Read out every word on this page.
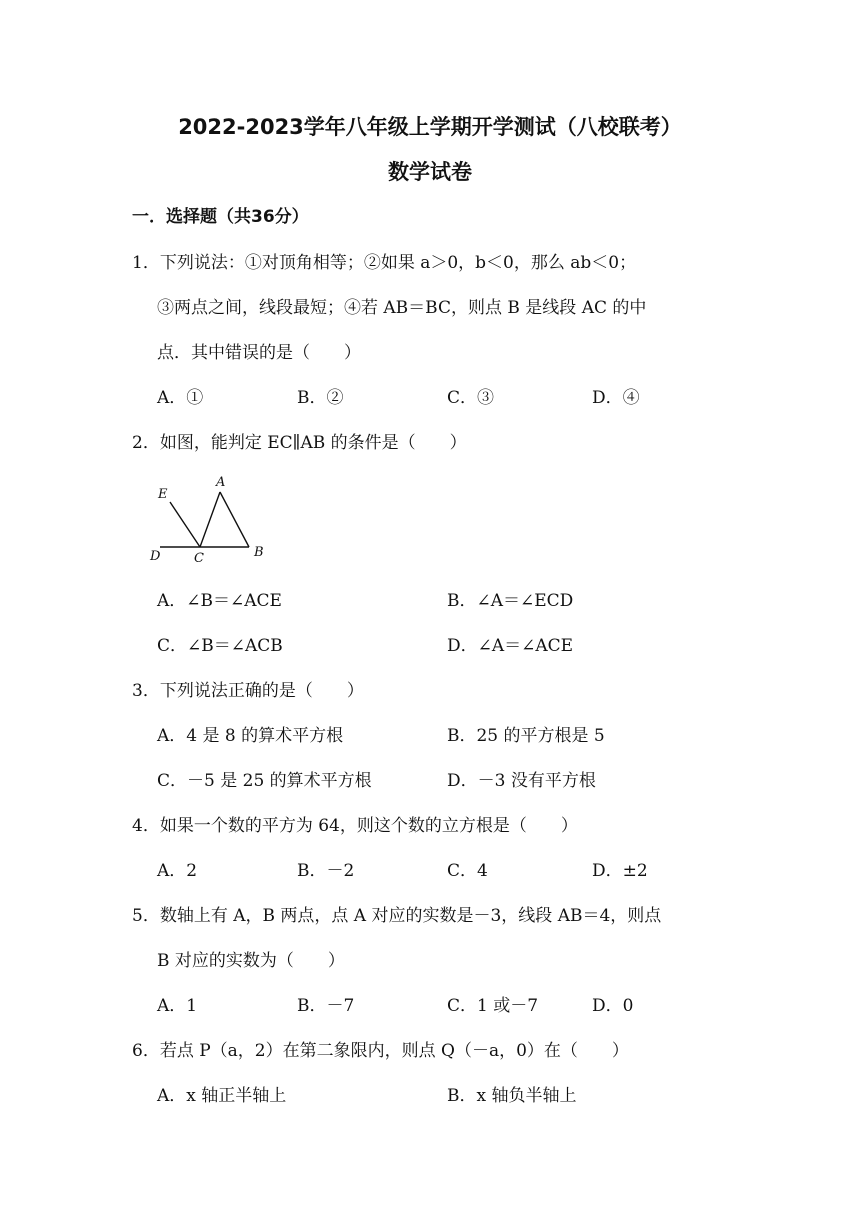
2022-2023学年八年级上学期开学测试（八校联考）
数学试卷
一．选择题（共36分）
1．下列说法：①对顶角相等；②如果 a＞0，b＜0，那么 ab＜0；
③两点之间，线段最短；④若 AB＝BC，则点 B 是线段 AC 的中
点．其中错误的是（　　）
A．①	B．②	C．③	D．④
2．如图，能判定 EC∥AB 的条件是（　　）
E
A
D	C	B
A．∠B＝∠ACE	B．∠A＝∠ECD
C．∠B＝∠ACB	D．∠A＝∠ACE
3．下列说法正确的是（　　）
A．4 是 8 的算术平方根	B．25 的平方根是 5
C．－5 是 25 的算术平方根	D．－3 没有平方根
4．如果一个数的平方为 64，则这个数的立方根是（　　）
A．2	B．－2	C．4	D．±2
5．数轴上有 A，B 两点，点 A 对应的实数是－3，线段 AB＝4，则点
B 对应的实数为（　　）
A．1	B．－7	C．1 或－7	D．0
6．若点 P（a，2）在第二象限内，则点 Q（－a，0）在（　　）
A．x 轴正半轴上	B．x 轴负半轴上
